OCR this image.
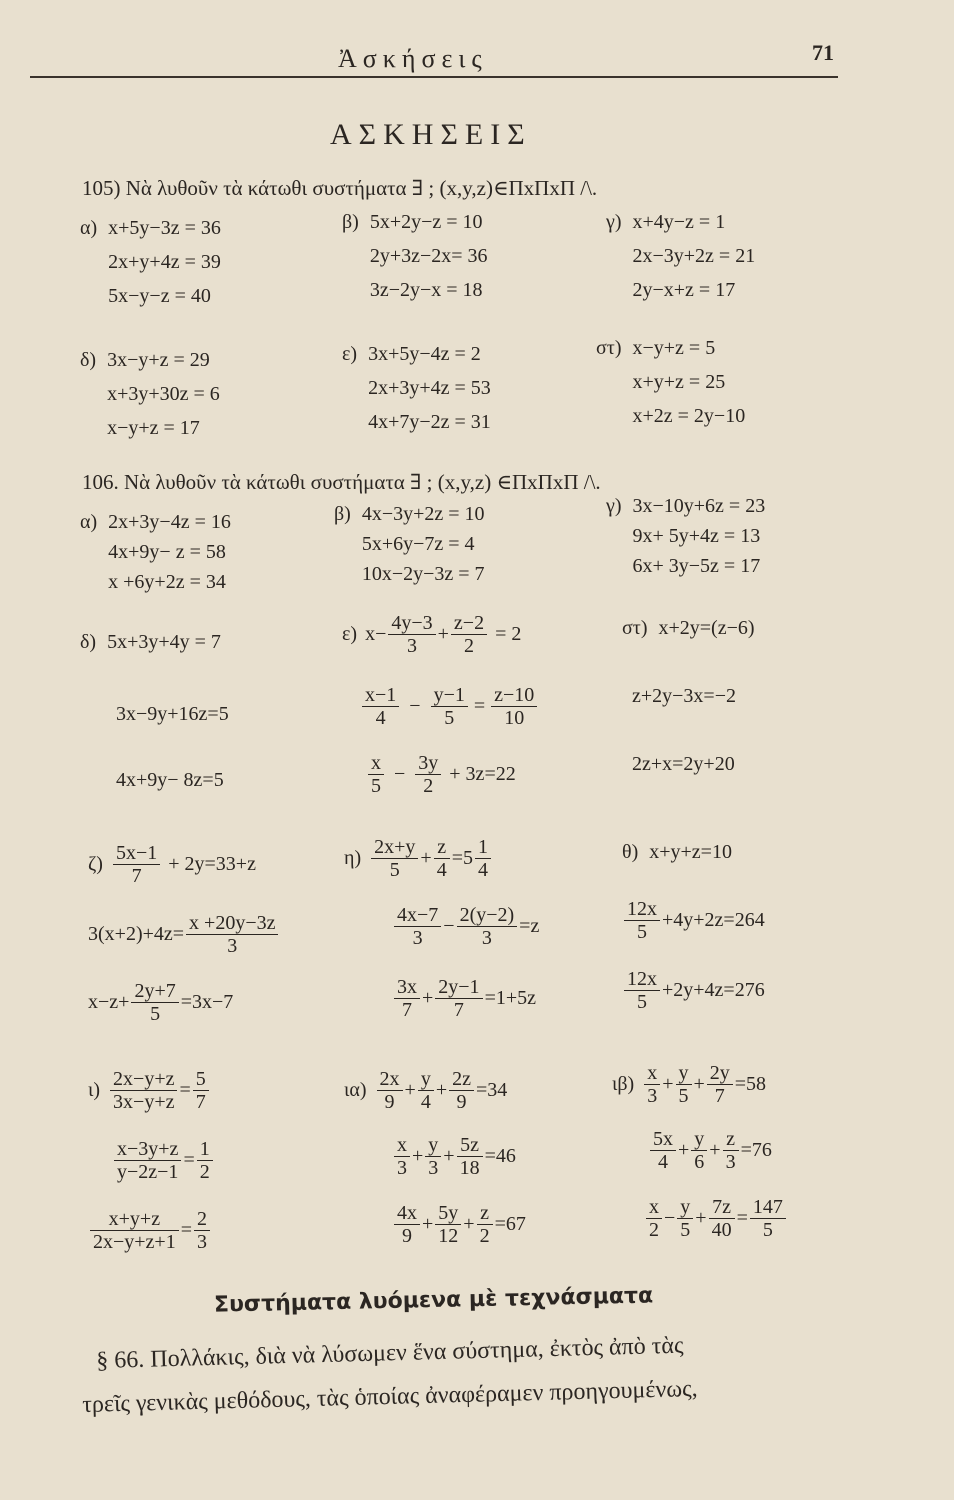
Ἀσκήσεις	71
ΑΣΚΗΣΕΙΣ
105) Νὰ λυθοῦν τὰ κάτωθι συστήματα ∃ ; (x,y,z)∈ΠxΠxΠ /\.
α) x+5y−3z = 36
2x+y+4z = 39
5x−y−z = 40
β) 5x+2y−z = 10
2y+3z−2x= 36
3z−2y−x = 18
γ) x+4y−z = 1
2x−3y+2z = 21
2y−x+z = 17
δ) 3x−y+z = 29
x+3y+30z = 6
x−y+z = 17
ε) 3x+5y−4z = 2
2x+3y+4z = 53
4x+7y−2z = 31
στ) x−y+z = 5
x+y+z = 25
x+2z = 2y−10
106. Νὰ λυθοῦν τὰ κάτωθι συστήματα ∃ ; (x,y,z) ∈ΠxΠxΠ /\.
α) 2x+3y−4z = 16
4x+9y− z = 58
x +6y+2z = 34
β) 4x−3y+2z = 10
5x+6y−7z = 4
10x−2y−3z = 7
γ) 3x−10y+6z = 23
9x+ 5y+4z = 13
6x+ 3y−5z = 17
δ) 5x+3y+4y = 7
3x−9y+16z=5
4x+9y− 8z=5
ε) $x- \frac{4y-3}{3} + \frac{z-2}{2} = 2$
$\frac{x-1}{4} - \frac{y-1}{5} = \frac{z-10}{10}$
$\frac{x}{5} - \frac{3y}{2} + 3z=22$
στ) x+2y=(z−6)
z+2y−3x=−2
2z+x=2y+20
$\zeta) \frac{5x-1}{7} + 2y=33+z$
$3(x+2)+4z= \frac{x +20y-3z}{3}$
$x-z+ \frac{2y+7}{5} =3x-7$
$\eta) \frac{2x+y}{5} + \frac{z}{4} =5 \frac{1}{4}$
$\frac{4x-7}{3} - \frac{2(y-2)}{3} =z$
$\frac{3x}{7} + \frac{2y-1}{7} =1+5z$
θ) x+y+z=10
$\frac{12x}{5} +4y+2z=264$
$\frac{12x}{5} +2y+4z=276$
$\iota) \frac{2x-y+z}{3x-y+z} = \frac{5}{7}$
$\frac{x-3y+z}{y-2z-1} = \frac{1}{2}$
$\frac{x+y+z}{2x-y+z+1} = \frac{2}{3}$
$\iota\alpha) \frac{2x}{9} + \frac{y}{4} + \frac{2z}{9} =34$
$\frac{x}{3} + \frac{y}{3} + \frac{5z}{18} =46$
$\frac{4x}{9} + \frac{5y}{12} + \frac{z}{2} =67$
$\iota\beta) \frac{x}{3} + \frac{y}{5} + \frac{2y}{7} =58$
$\frac{5x}{4} + \frac{y}{6} + \frac{z}{3} =76$
$\frac{x}{2} - \frac{y}{5} + \frac{7z}{40} = \frac{147}{5}$
Συστήματα λυόμενα μὲ τεχνάσματα
§ 66. Πολλάκις, διὰ νὰ λύσωμεν ἕνα σύστημα, ἐκτὸς ἀπὸ τὰς
τρεῖς γενικὰς μεθόδους, τὰς ὁποίας ἀναφέραμεν προηγουμένως,
